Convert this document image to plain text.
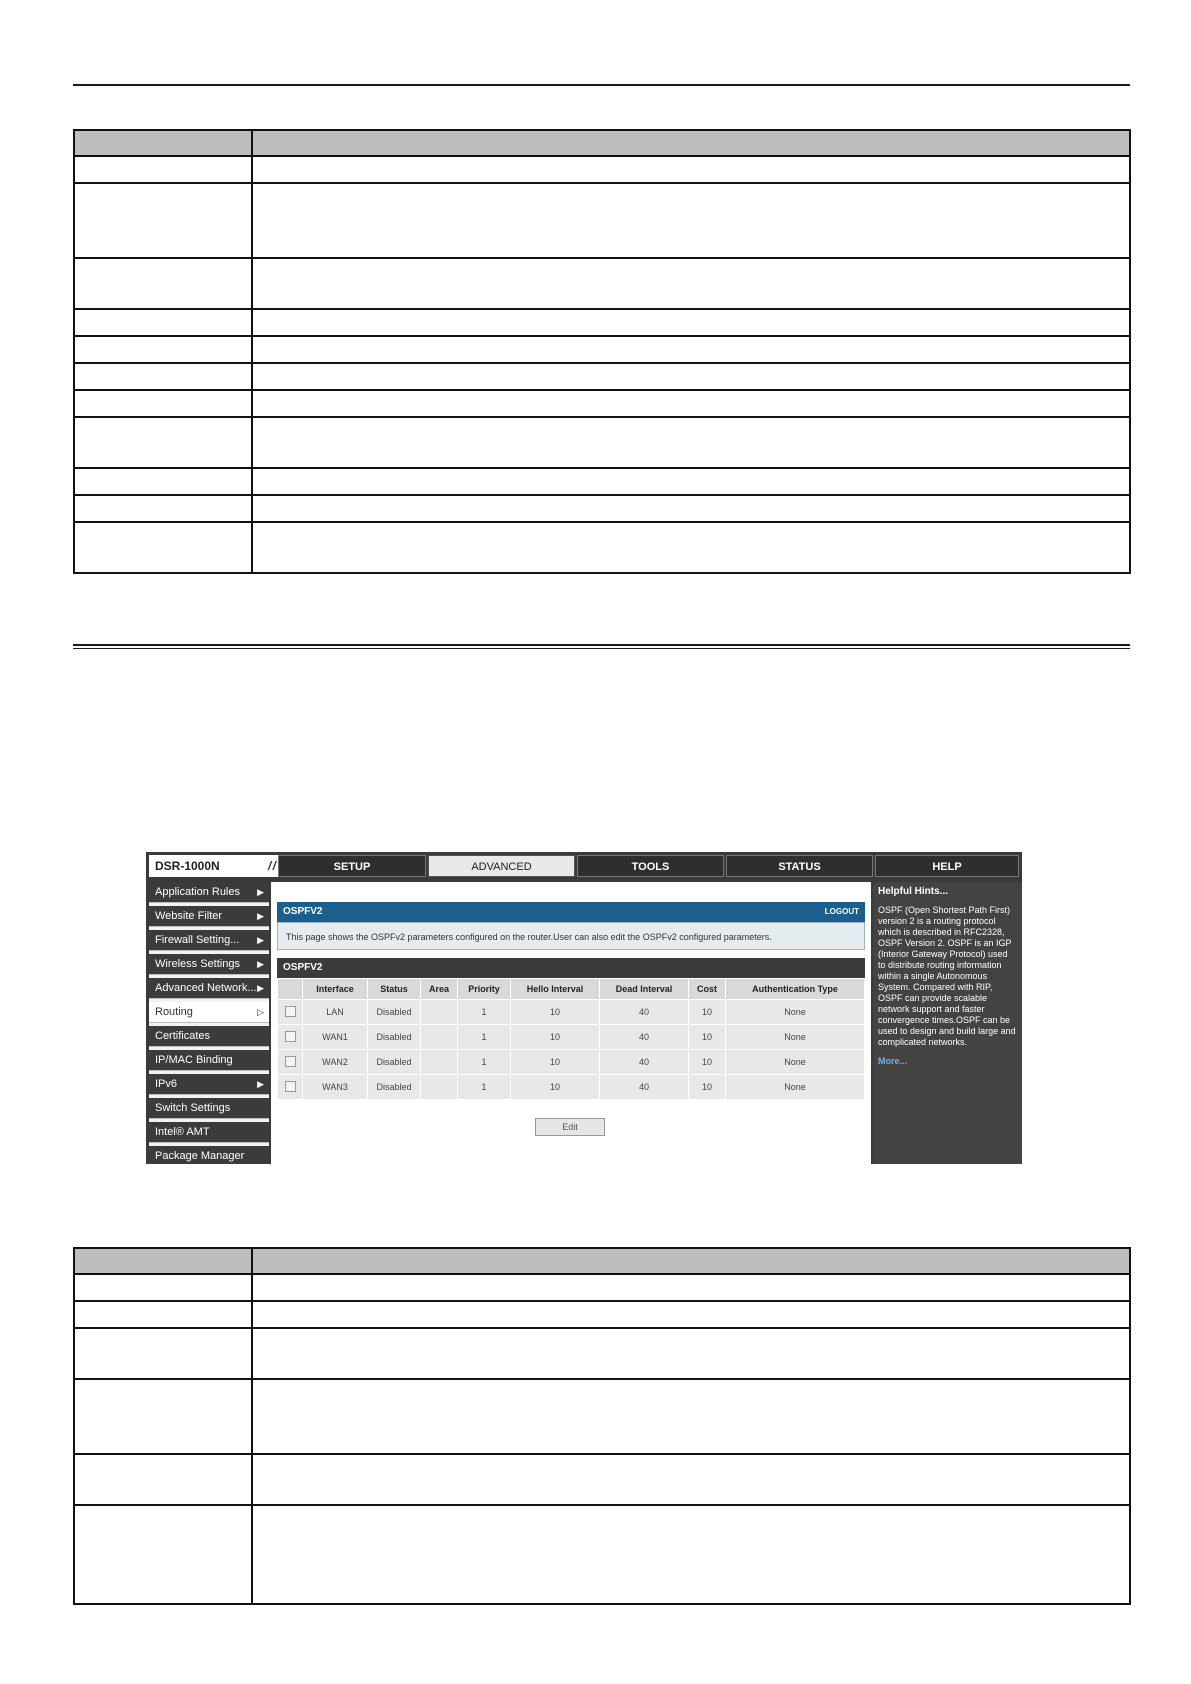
DSR-1000N	/ /	SETUP	ADVANCED	TOOLS	STATUS	HELP
Application Rules ▶
Website Filter	▶
Firewall Setting... ▶
Wireless Settings ▶
Advanced Network... ▶
Routing	▷
Certificates
IP/MAC Binding
IPv6	▶
Switch Settings
Intel® AMT
Package Manager
OSPFV2	LOGOUT
This page shows the OSPFv2 parameters configured on the router.User can also edit the OSPFv2 configured parameters.
OSPFV2
	Interface	Status	Area	Priority	Hello Interval	Dead Interval	Cost	Authentication Type
	LAN	Disabled		1	10	40	10	None
	WAN1	Disabled		1	10	40	10	None
	WAN2	Disabled		1	10	40	10	None
	WAN3	Disabled		1	10	40	10	None
Edit
Helpful Hints...
OSPF (Open Shortest Path First) version 2 is a routing protocol which is described in RFC2328, OSPF Version 2. OSPF is an IGP (Interior Gateway Protocol) used to distribute routing information within a single Autonomous System. Compared with RIP, OSPF can provide scalable network support and faster convergence times.OSPF can be used to design and build large and complicated networks.
More...
